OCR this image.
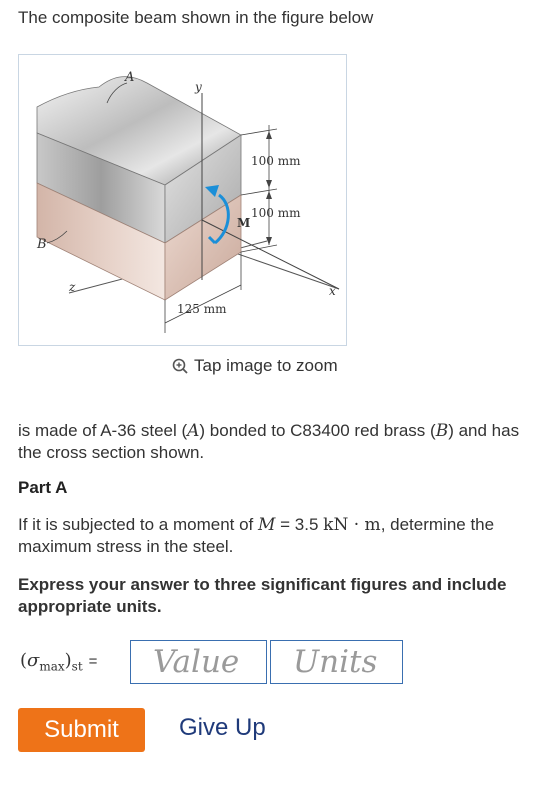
The composite beam shown in the figure below
A
B
y
z	x
M
100 mm
100 mm
125 mm
Tap image to zoom
is made of A-36 steel (A) bonded to C83400 red brass (B) and has the cross section shown.
Part A
If it is subjected to a moment of M = 3.5 kN · m, determine the maximum stress in the steel.
Express your answer to three significant figures and include appropriate units.
$(\sigma_{max})_{st}$ =
Value
Units
Submit	Give Up
